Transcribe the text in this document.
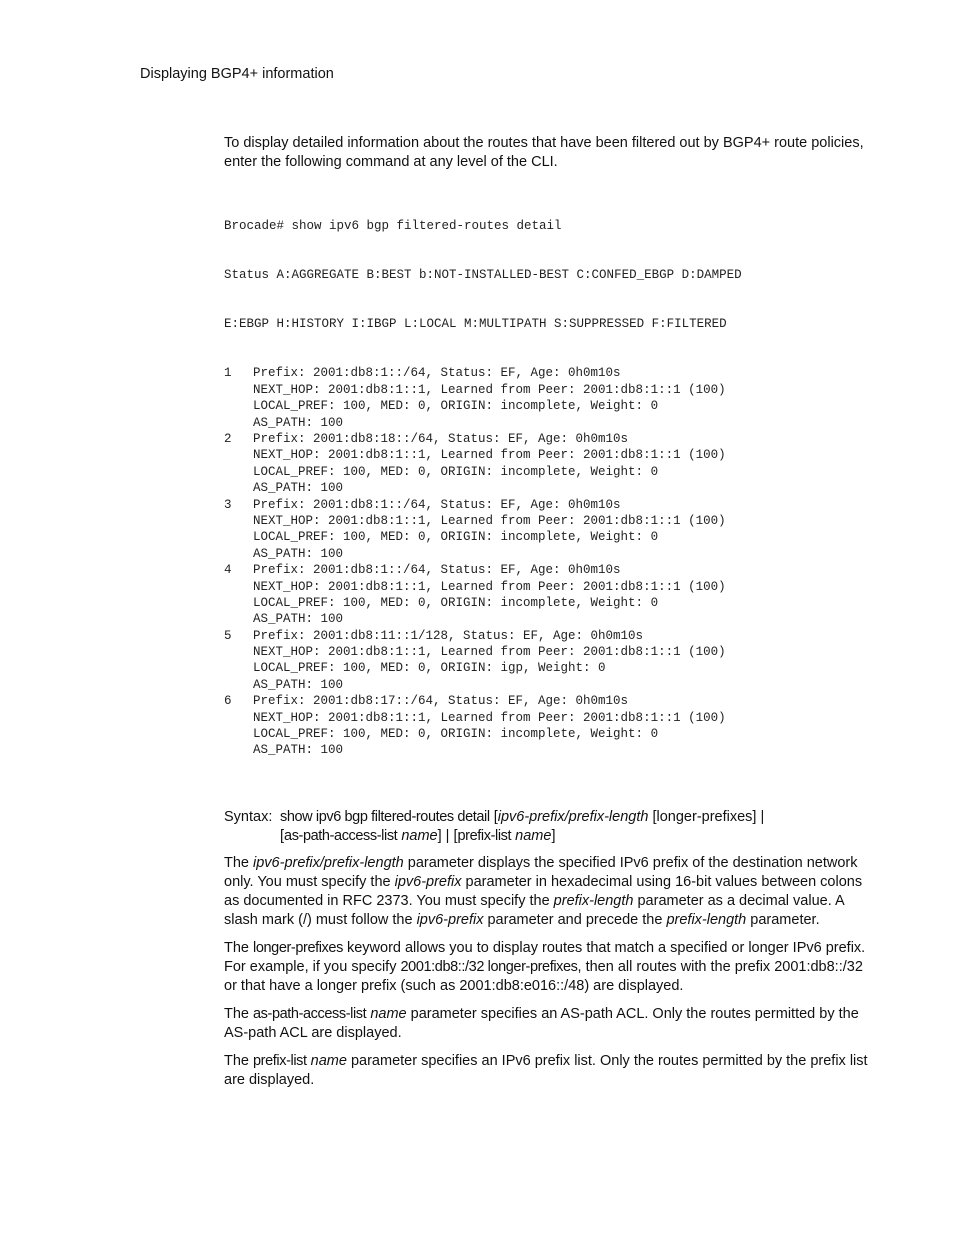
Displaying BGP4+ information

To display detailed information about the routes that have been filtered out by BGP4+ route policies, enter the following command at any level of the CLI.

Brocade# show ipv6 bgp filtered-routes detail

Status A:AGGREGATE B:BEST b:NOT-INSTALLED-BEST C:CONFED_EBGP D:DAMPED

E:EBGP H:HISTORY I:IBGP L:LOCAL M:MULTIPATH S:SUPPRESSED F:FILTERED

1	Prefix: 2001:db8:1::/64, Status: EF, Age: 0h0m10s
NEXT_HOP: 2001:db8:1::1, Learned from Peer: 2001:db8:1::1 (100)
LOCAL_PREF: 100, MED: 0, ORIGIN: incomplete, Weight: 0
AS_PATH: 100
2	Prefix: 2001:db8:18::/64, Status: EF, Age: 0h0m10s
NEXT_HOP: 2001:db8:1::1, Learned from Peer: 2001:db8:1::1 (100)
LOCAL_PREF: 100, MED: 0, ORIGIN: incomplete, Weight: 0
AS_PATH: 100
3	Prefix: 2001:db8:1::/64, Status: EF, Age: 0h0m10s
NEXT_HOP: 2001:db8:1::1, Learned from Peer: 2001:db8:1::1 (100)
LOCAL_PREF: 100, MED: 0, ORIGIN: incomplete, Weight: 0
AS_PATH: 100
4	Prefix: 2001:db8:1::/64, Status: EF, Age: 0h0m10s
NEXT_HOP: 2001:db8:1::1, Learned from Peer: 2001:db8:1::1 (100)
LOCAL_PREF: 100, MED: 0, ORIGIN: incomplete, Weight: 0
AS_PATH: 100
5	Prefix: 2001:db8:11::1/128, Status: EF, Age: 0h0m10s
NEXT_HOP: 2001:db8:1::1, Learned from Peer: 2001:db8:1::1 (100)
LOCAL_PREF: 100, MED: 0, ORIGIN: igp, Weight: 0
AS_PATH: 100
6	Prefix: 2001:db8:17::/64, Status: EF, Age: 0h0m10s
NEXT_HOP: 2001:db8:1::1, Learned from Peer: 2001:db8:1::1 (100)
LOCAL_PREF: 100, MED: 0, ORIGIN: incomplete, Weight: 0
AS_PATH: 100

Syntax: show ipv6 bgp filtered-routes detail [ipv6-prefix/prefix-length [longer-prefixes] |
[as-path-access-list name] | [prefix-list name]

The ipv6-prefix/prefix-length parameter displays the specified IPv6 prefix of the destination network only. You must specify the ipv6-prefix parameter in hexadecimal using 16-bit values between colons as documented in RFC 2373. You must specify the prefix-length parameter as a decimal value. A slash mark (/) must follow the ipv6-prefix parameter and precede the prefix-length parameter.

The longer-prefixes keyword allows you to display routes that match a specified or longer IPv6 prefix. For example, if you specify 2001:db8::/32 longer-prefixes, then all routes with the prefix 2001:db8::/32 or that have a longer prefix (such as 2001:db8:e016::/48) are displayed.

The as-path-access-list name parameter specifies an AS-path ACL. Only the routes permitted by the AS-path ACL are displayed.

The prefix-list name parameter specifies an IPv6 prefix list. Only the routes permitted by the prefix list are displayed.
